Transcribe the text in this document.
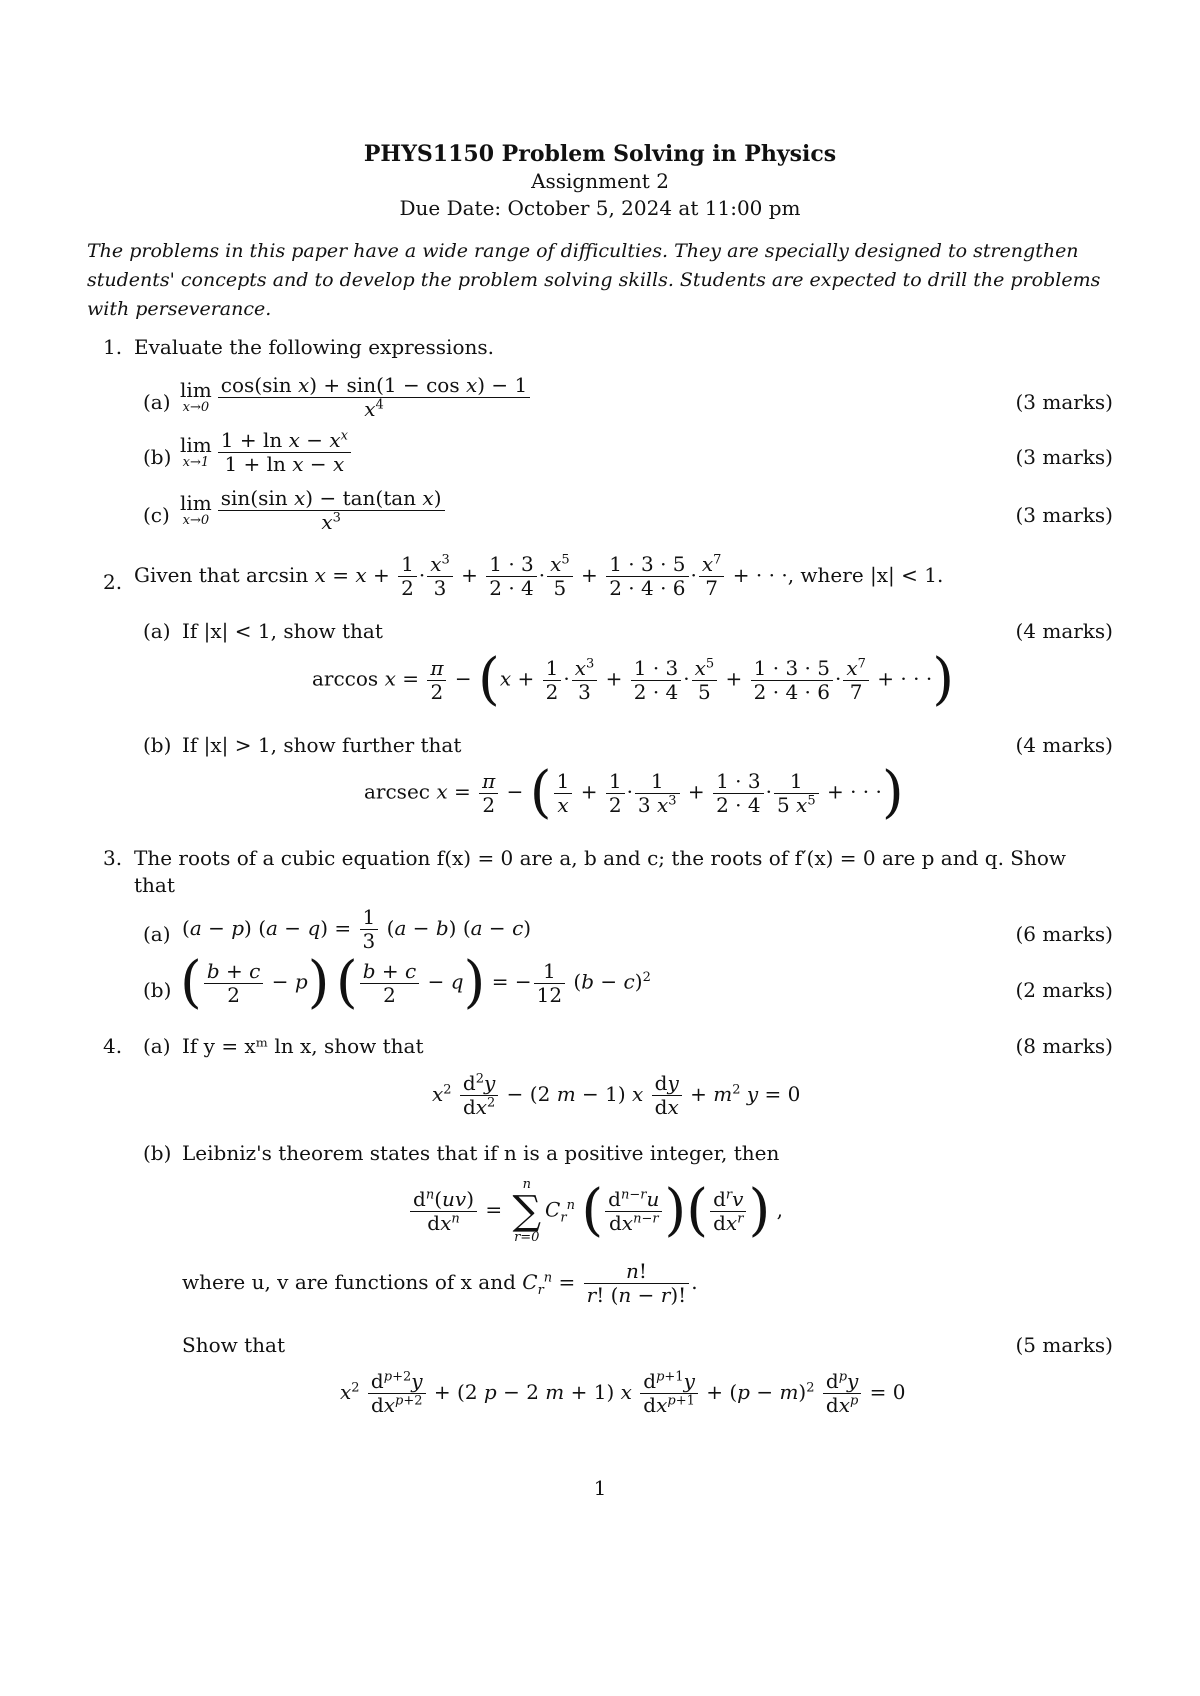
PHYS1150 Problem Solving in Physics
Assignment 2
Due Date: October 5, 2024 at 11:00 pm
The problems in this paper have a wide range of difficulties. They are specially designed to strengthen students' concepts and to develop the problem solving skills. Students are expected to drill the problems with perseverance.
1. Evaluate the following expressions.
(a) lim
$x\to 0 \frac{\text{cos(sin x) + sin(1 − cos x) − 1}}{x^4}$	(3 marks)
(b) lim
$x\to 1 \frac{1 + \ln x - x^x}{\text{1 + ln x − x}}$	(3 marks)
(c) lim
$x\to 0 \frac{\text{sin(sin x) − tan(tan x)}}{x^3}$	(3 marks)
2. Given that $\arcsin x = x + \frac{1}{2} \cdot \frac{x^3}{3} + \frac{1 \cdot 3}{2 \cdot 4} \cdot \frac{x^5}{5} + \frac{1 \cdot 3 \cdot 5}{2 \cdot 4 \cdot 6} \cdot \frac{x^7}{7}$ + · · ·, where |x| < 1.
(a) If |x| < 1, show that	(4 marks)
$\arccos x = \frac{\pi}{2} - (x + \frac{1}{2} \cdot \frac{x^3}{3} + \frac{1 \cdot 3}{2 \cdot 4} \cdot \frac{x^5}{5} + \frac{1 \cdot 3 \cdot 5}{2 \cdot 4 \cdot 6} \cdot \frac{x^7}{7}$ + · · ·)
(b) If |x| > 1, show further that	(4 marks)
arcsec $x = \frac{\pi}{2}$ − ( $\frac{1}{x} + \frac{1}{2} \cdot \frac{1}{3 x^3} + \frac{1 \cdot 3}{2 \cdot 4} \cdot \frac{1}{5 x^5}$ + · · ·)
3. The roots of a cubic equation f(x) = 0 are a, b and c; the roots of f′(x) = 0 are p and q. Show
that
(a) (a − p) $(a - q) = \frac{1}{3} (a - b) (a - c)$	(6 marks)
(b) ( $\frac{b + c}{2} - p$) ( $\frac{b + c}{2} - q$) = − $\frac{1}{12} (b - c)^2$
(2 marks)
4. (a) If y = xᵐ ln x, show that	(8 marks)
$x^2 \frac{d^2y}{dx^2} - (2$ m − 1) x $\frac{dy}{dx} + m^2$ y = 0
(b) Leibniz's theorem states that if n is a positive integer, then
$\frac{d^n(uv)}{dx^n}$ =
n
∑
r=0
$C_r^n$ ( $\frac{d^{n-r}u}{dx^{n-r}}$ )( $\frac{d^rv}{dx^r}$ ) ,
where u, v are functions of x and $C_r^n = \frac{n!}{r! (n - r)!}$ .
Show that	(5 marks)
$x^2 \frac{d^{p+2}y}{dx^{p+2}} + (2$ p − 2 m + 1) x $\frac{d^{p+1}y}{dx^{p+1}} + (p - m)^2 \frac{d^py}{dx^p} = 0$
1
